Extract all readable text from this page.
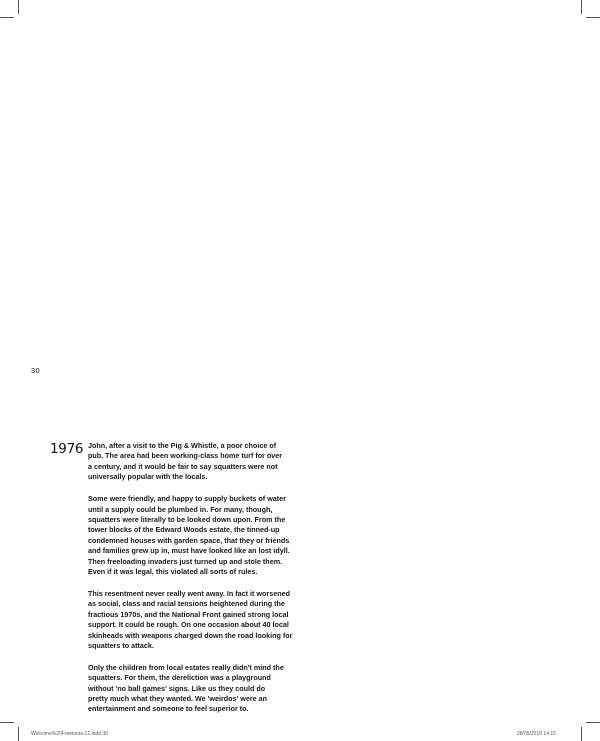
30
1976 John, after a visit to the Pig & Whistle, a poor choice of
pub. The area had been working-class home turf for over
a century, and it would be fair to say squatters were not
universally popular with the locals.

Some were friendly, and happy to supply buckets of water
until a supply could be plumbed in. For many, though,
squatters were literally to be looked down upon. From the
tower blocks of the Edward Woods estate, the tinned-up
condemned houses with garden space, that they or friends
and families grew up in, must have looked like an lost idyll.
Then freeloading invaders just turned up and stole them.
Even if it was legal, this violated all sorts of rules.

This resentment never really went away. In fact it worsened
as social, class and racial tensions heightened during the
fractious 1970s, and the National Front gained strong local
support. It could be rough. On one occasion about 40 local
skinheads with weapons charged down the road looking for
squatters to attack.

Only the children from local estates really didn't mind the
squatters. For them, the dereliction was a playground
without 'no ball games' signs. Like us they could do
pretty much what they wanted. We 'weirdos' were an
entertainment and someone to feel superior to.

Welcome%20Freetonia-12.indd 30	28/05/2019 14:16
